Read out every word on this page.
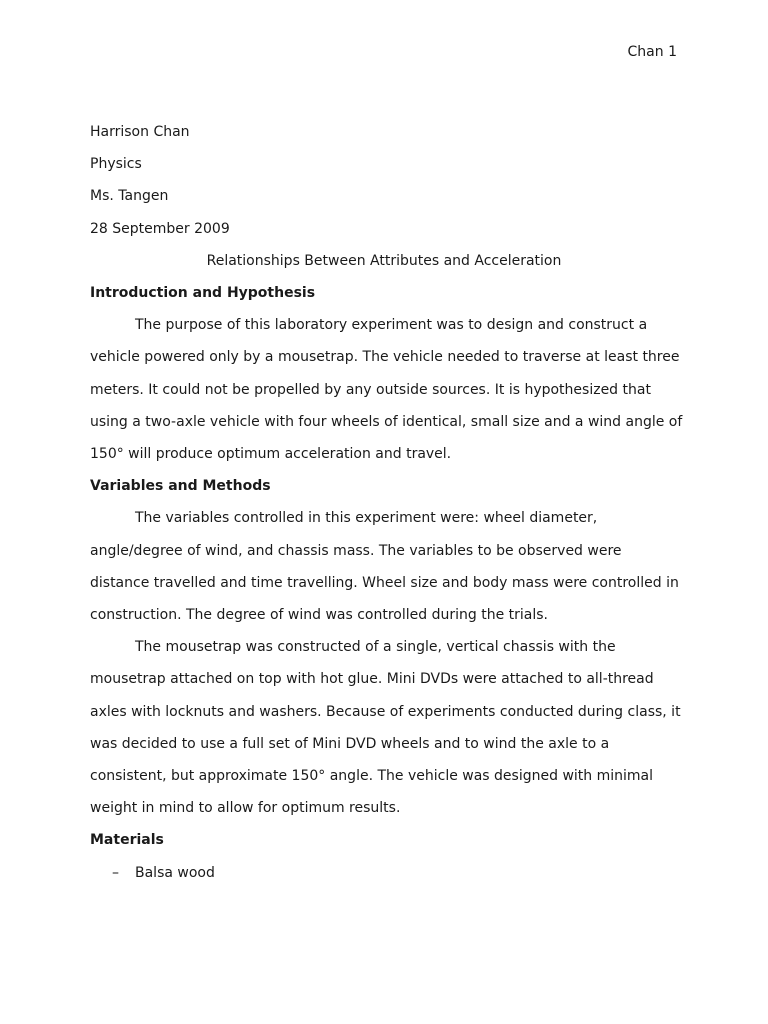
Chan 1

Harrison Chan

Physics

Ms. Tangen

28 September 2009

Relationships Between Attributes and Acceleration

Introduction and Hypothesis

The purpose of this laboratory experiment was to design and construct a
vehicle powered only by a mousetrap. The vehicle needed to traverse at least three
meters. It could not be propelled by any outside sources. It is hypothesized that
using a two-axle vehicle with four wheels of identical, small size and a wind angle of
150° will produce optimum acceleration and travel.

Variables and Methods

The variables controlled in this experiment were: wheel diameter,
angle/degree of wind, and chassis mass. The variables to be observed were
distance travelled and time travelling. Wheel size and body mass were controlled in
construction. The degree of wind was controlled during the trials.
The mousetrap was constructed of a single, vertical chassis with the
mousetrap attached on top with hot glue. Mini DVDs were attached to all-thread
axles with locknuts and washers. Because of experiments conducted during class, it
was decided to use a full set of Mini DVD wheels and to wind the axle to a
consistent, but approximate 150° angle. The vehicle was designed with minimal
weight in mind to allow for optimum results.

Materials

– Balsa wood
